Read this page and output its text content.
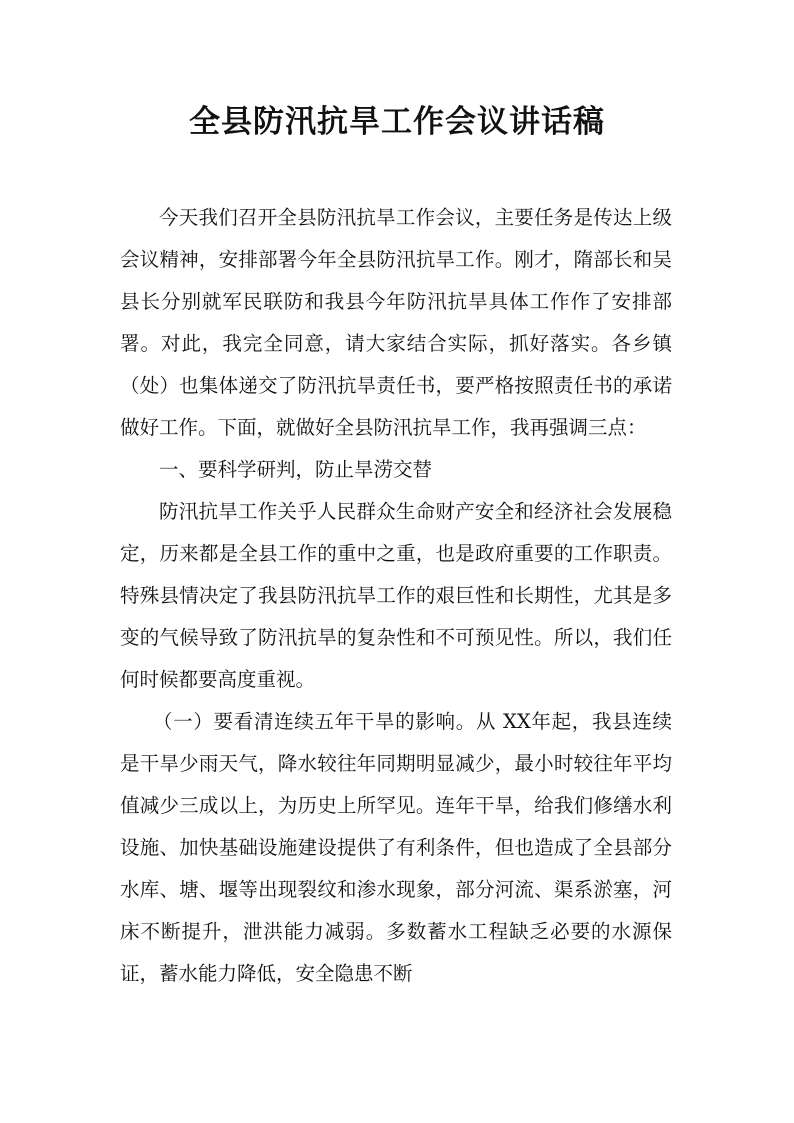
全县防汛抗旱工作会议讲话稿

今天我们召开全县防汛抗旱工作会议，主要任务是传达上级会议精神，安排部署今年全县防汛抗旱工作。刚才，隋部长和吴县长分别就军民联防和我县今年防汛抗旱具体工作作了安排部署。对此，我完全同意，请大家结合实际，抓好落实。各乡镇（处）也集体递交了防汛抗旱责任书，要严格按照责任书的承诺做好工作。下面，就做好全县防汛抗旱工作，我再强调三点：

一、要科学研判，防止旱涝交替

防汛抗旱工作关乎人民群众生命财产安全和经济社会发展稳定，历来都是全县工作的重中之重，也是政府重要的工作职责。特殊县情决定了我县防汛抗旱工作的艰巨性和长期性，尤其是多变的气候导致了防汛抗旱的复杂性和不可预见性。所以，我们任何时候都要高度重视。

（一）要看清连续五年干旱的影响。从 XX年起，我县连续是干旱少雨天气，降水较往年同期明显减少，最小时较往年平均值减少三成以上，为历史上所罕见。连年干旱，给我们修缮水利设施、加快基础设施建设提供了有利条件，但也造成了全县部分水库、塘、堰等出现裂纹和渗水现象，部分河流、渠系淤塞，河床不断提升，泄洪能力减弱。多数蓄水工程缺乏必要的水源保证，蓄水能力降低，安全隐患不断
